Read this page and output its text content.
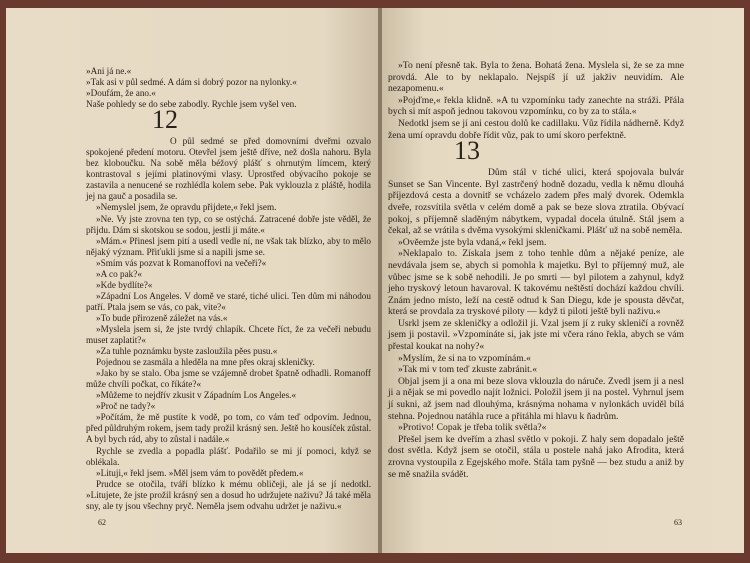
»Ani já ne.«

»Tak asi v půl sedmé. A dám si dobrý pozor na nylonky.«

»Doufám, že ano.«

Naše pohledy se do sebe zabodly. Rychle jsem vyšel ven.

12

O půl sedmé se před domovními dveřmi ozvalo spokojené předení motoru. Otevřel jsem ještě dříve, než došla nahoru. Byla bez kloboučku. Na sobě měla béžový plášť s ohrnutým límcem, který kontrastoval s jejími platinovými vlasy. Uprostřed obývacího pokoje se zastavila a nenucené se rozhlédla kolem sebe. Pak vyklouzla z pláště, hodila jej na gauč a posadila se.

»Nemyslel jsem, že opravdu přijdete,« řekl jsem.

»Ne. Vy jste zrovna ten typ, co se ostýchá. Zatracené dobře jste věděl, že přijdu. Dám si skotskou se sodou, jestli ji máte.«

»Mám.« Přinesl jsem pití a usedl vedle ní, ne však tak blízko, aby to mělo nějaký význam. Přiťukli jsme si a napili jsme se.

»Smím vás pozvat k Romanoffovi na večeři?«

»A co pak?«

»Kde bydlíte?«

»Západní Los Angeles. V domě ve staré, tiché ulici. Ten dům mi náhodou patří. Ptala jsem se vás, co pak, vite?«

»To bude přirozeně záležet na vás.«

»Myslela jsem si, že jste tvrdý chlapík. Chcete říct, že za večeři nebudu muset zaplatit?«

»Za tuhle poznámku byste zasloužila pěes pusu.«

Pojednou se zasmála a hleděla na mne přes okraj skleničky.

»Jako by se stalo. Oba jsme se vzájemně drobet špatně odhadli. Romanoff může chvíli počkat, co říkáte?«

»Můžeme to nejdřív zkusit v Západním Los Angeles.«

»Proč ne tady?«

»Počítám, že mě pustíte k vodě, po tom, co vám teď odpovím. Jednou, před půldruhým rokem, jsem tady prožil krásný sen. Ještě ho kousíček zůstal. A byl bych rád, aby to zůstal i nadále.«

Rychle se zvedla a popadla plášť. Podařilo se mi jí pomoci, když se oblékala.

»Lituji,« řekl jsem. »Měl jsem vám to povědět předem.«

Prudce se otočila, tváří blízko k mému obličeji, ale já se jí nedotkl. »Litujete, že jste prožil krásný sen a dosud ho udržujete naživu? Já také měla sny, ale ty jsou všechny pryč. Neměla jsem odvahu udržet je naživu.«

62

»To není přesně tak. Byla to žena. Bohatá žena. Myslela si, že se za mne provdá. Ale to by neklapalo. Nejspíš jí už jakživ neuvidím. Ale nezapomenu.«

»Pojďme,« řekla klidně. »A tu vzpomínku tady zanechte na stráži. Přála bych si mít aspoň jednou takovou vzpomínku, co by za to stála.«

Nedotkl jsem se jí ani cestou dolů ke cadillaku. Vůz řídila nádherně. Když žena umí opravdu dobře řídit vůz, pak to umí skoro perfektně.

13

Dům stál v tiché ulici, která spojovala bulvár Sunset se San Vincente. Byl zastrčený hodně dozadu, vedla k němu dlouhá příjezdová cesta a dovnitř se vcházelo zadem přes malý dvorek. Odemkla dveře, rozsvítila světla v celém domě a pak se beze slova ztratila. Obývací pokoj, s příjemně sladěným nábytkem, vypadal docela útulně. Stál jsem a čekal, až se vrátila s dvěma vysokými skleničkami. Plášť už na sobě neměla.

»Ověemže jste byla vdaná,« řekl jsem.

»Neklapalo to. Získala jsem z toho tenhle dům a nějaké peníze, ale nevdávala jsem se, abych si pomohla k majetku. Byl to příjemný muž, ale vůbec jsme se k sobě nehodili. Je po smrti — byl pilotem a zahynul, když jeho tryskový letoun havaroval. K takovému neštěstí dochází každou chvíli. Znám jedno místo, leží na cestě odtud k San Diegu, kde je spousta děvčat, která se provdala za tryskové piloty — když ti piloti ještě byli naživu.«

Usrkl jsem ze skleničky a odložil ji. Vzal jsem jí z ruky skleničí a rovněž jsem ji postavil. »Vzpomínáte si, jak jste mi včera ráno řekla, abych se vám přestal koukat na nohy?«

»Myslím, že si na to vzpomínám.«

»Tak mi v tom teď zkuste zabránit.«

Objal jsem ji a ona mi beze slova vklouzla do náruče. Zvedl jsem ji a nesl ji a nějak se mi povedlo najít ložnici. Položil jsem ji na postel. Vyhrnul jsem jí sukni, až jsem nad dlouhýma, krásnýma nohama v nylonkách uviděl bílá stehna. Pojednou natáhla ruce a přitáhla mi hlavu k ňadrům.

»Protivo! Copak je třeba tolik světla?«

Přešel jsem ke dveřím a zhasl světlo v pokoji. Z haly sem dopadalo ještě dost světla. Když jsem se otočil, stála u postele nahá jako Afrodita, která zrovna vystoupila z Egejského moře. Stála tam pyšně — bez studu a aniž by se mě snažila svádět.

63
